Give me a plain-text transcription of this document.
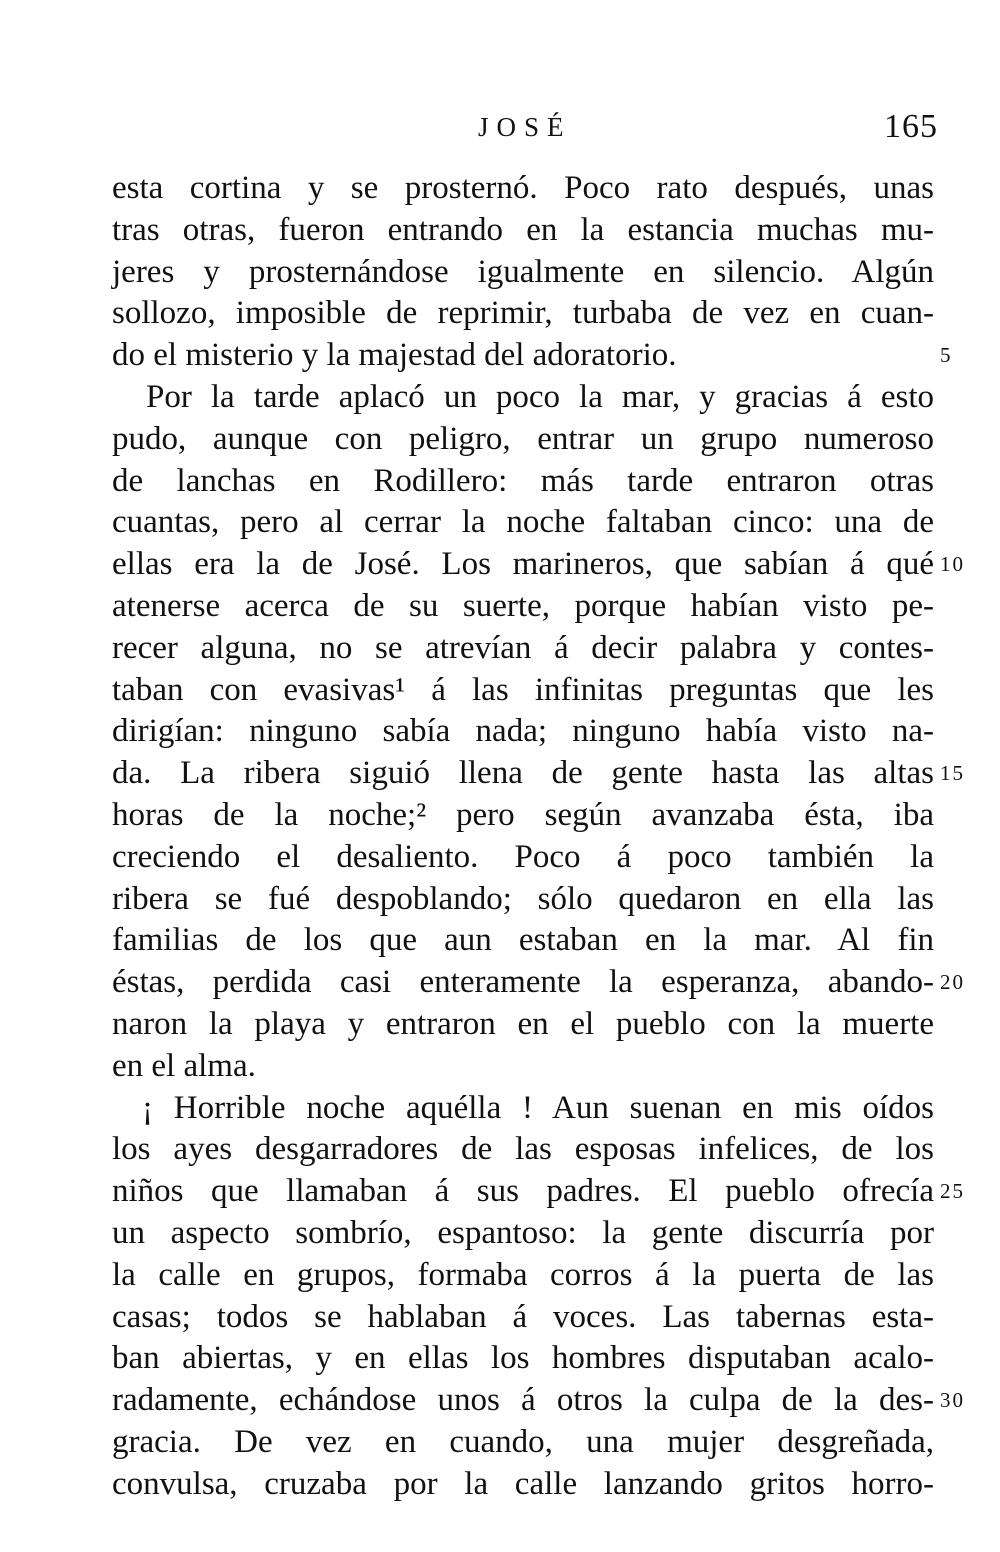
JOSÉ	165
esta cortina y se prosternó. Poco rato después, unas
tras otras, fueron entrando en la estancia muchas mu-
jeres y prosternándose igualmente en silencio. Algún
sollozo, imposible de reprimir, turbaba de vez en cuan-
do el misterio y la majestad del adoratorio.
Por la tarde aplacó un poco la mar, y gracias á esto
pudo, aunque con peligro, entrar un grupo numeroso
de lanchas en Rodillero: más tarde entraron otras
cuantas, pero al cerrar la noche faltaban cinco: una de
ellas era la de José. Los marineros, que sabían á qué
atenerse acerca de su suerte, porque habían visto pe-
recer alguna, no se atrevían á decir palabra y contes-
taban con evasivas¹ á las infinitas preguntas que les
dirigían: ninguno sabía nada; ninguno había visto na-
da. La ribera siguió llena de gente hasta las altas
horas de la noche;² pero según avanzaba ésta, iba
creciendo el desaliento. Poco á poco también la
ribera se fué despoblando; sólo quedaron en ella las
familias de los que aun estaban en la mar. Al fin
éstas, perdida casi enteramente la esperanza, abando-
naron la playa y entraron en el pueblo con la muerte
en el alma.
¡ Horrible noche aquélla ! Aun suenan en mis oídos
los ayes desgarradores de las esposas infelices, de los
niños que llamaban á sus padres. El pueblo ofrecía
un aspecto sombrío, espantoso: la gente discurría por
la calle en grupos, formaba corros á la puerta de las
casas; todos se hablaban á voces. Las tabernas esta-
ban abiertas, y en ellas los hombres disputaban acalo-
radamente, echándose unos á otros la culpa de la des-
gracia. De vez en cuando, una mujer desgreñada,
convulsa, cruzaba por la calle lanzando gritos horro-
5
10
15
20
25
30
